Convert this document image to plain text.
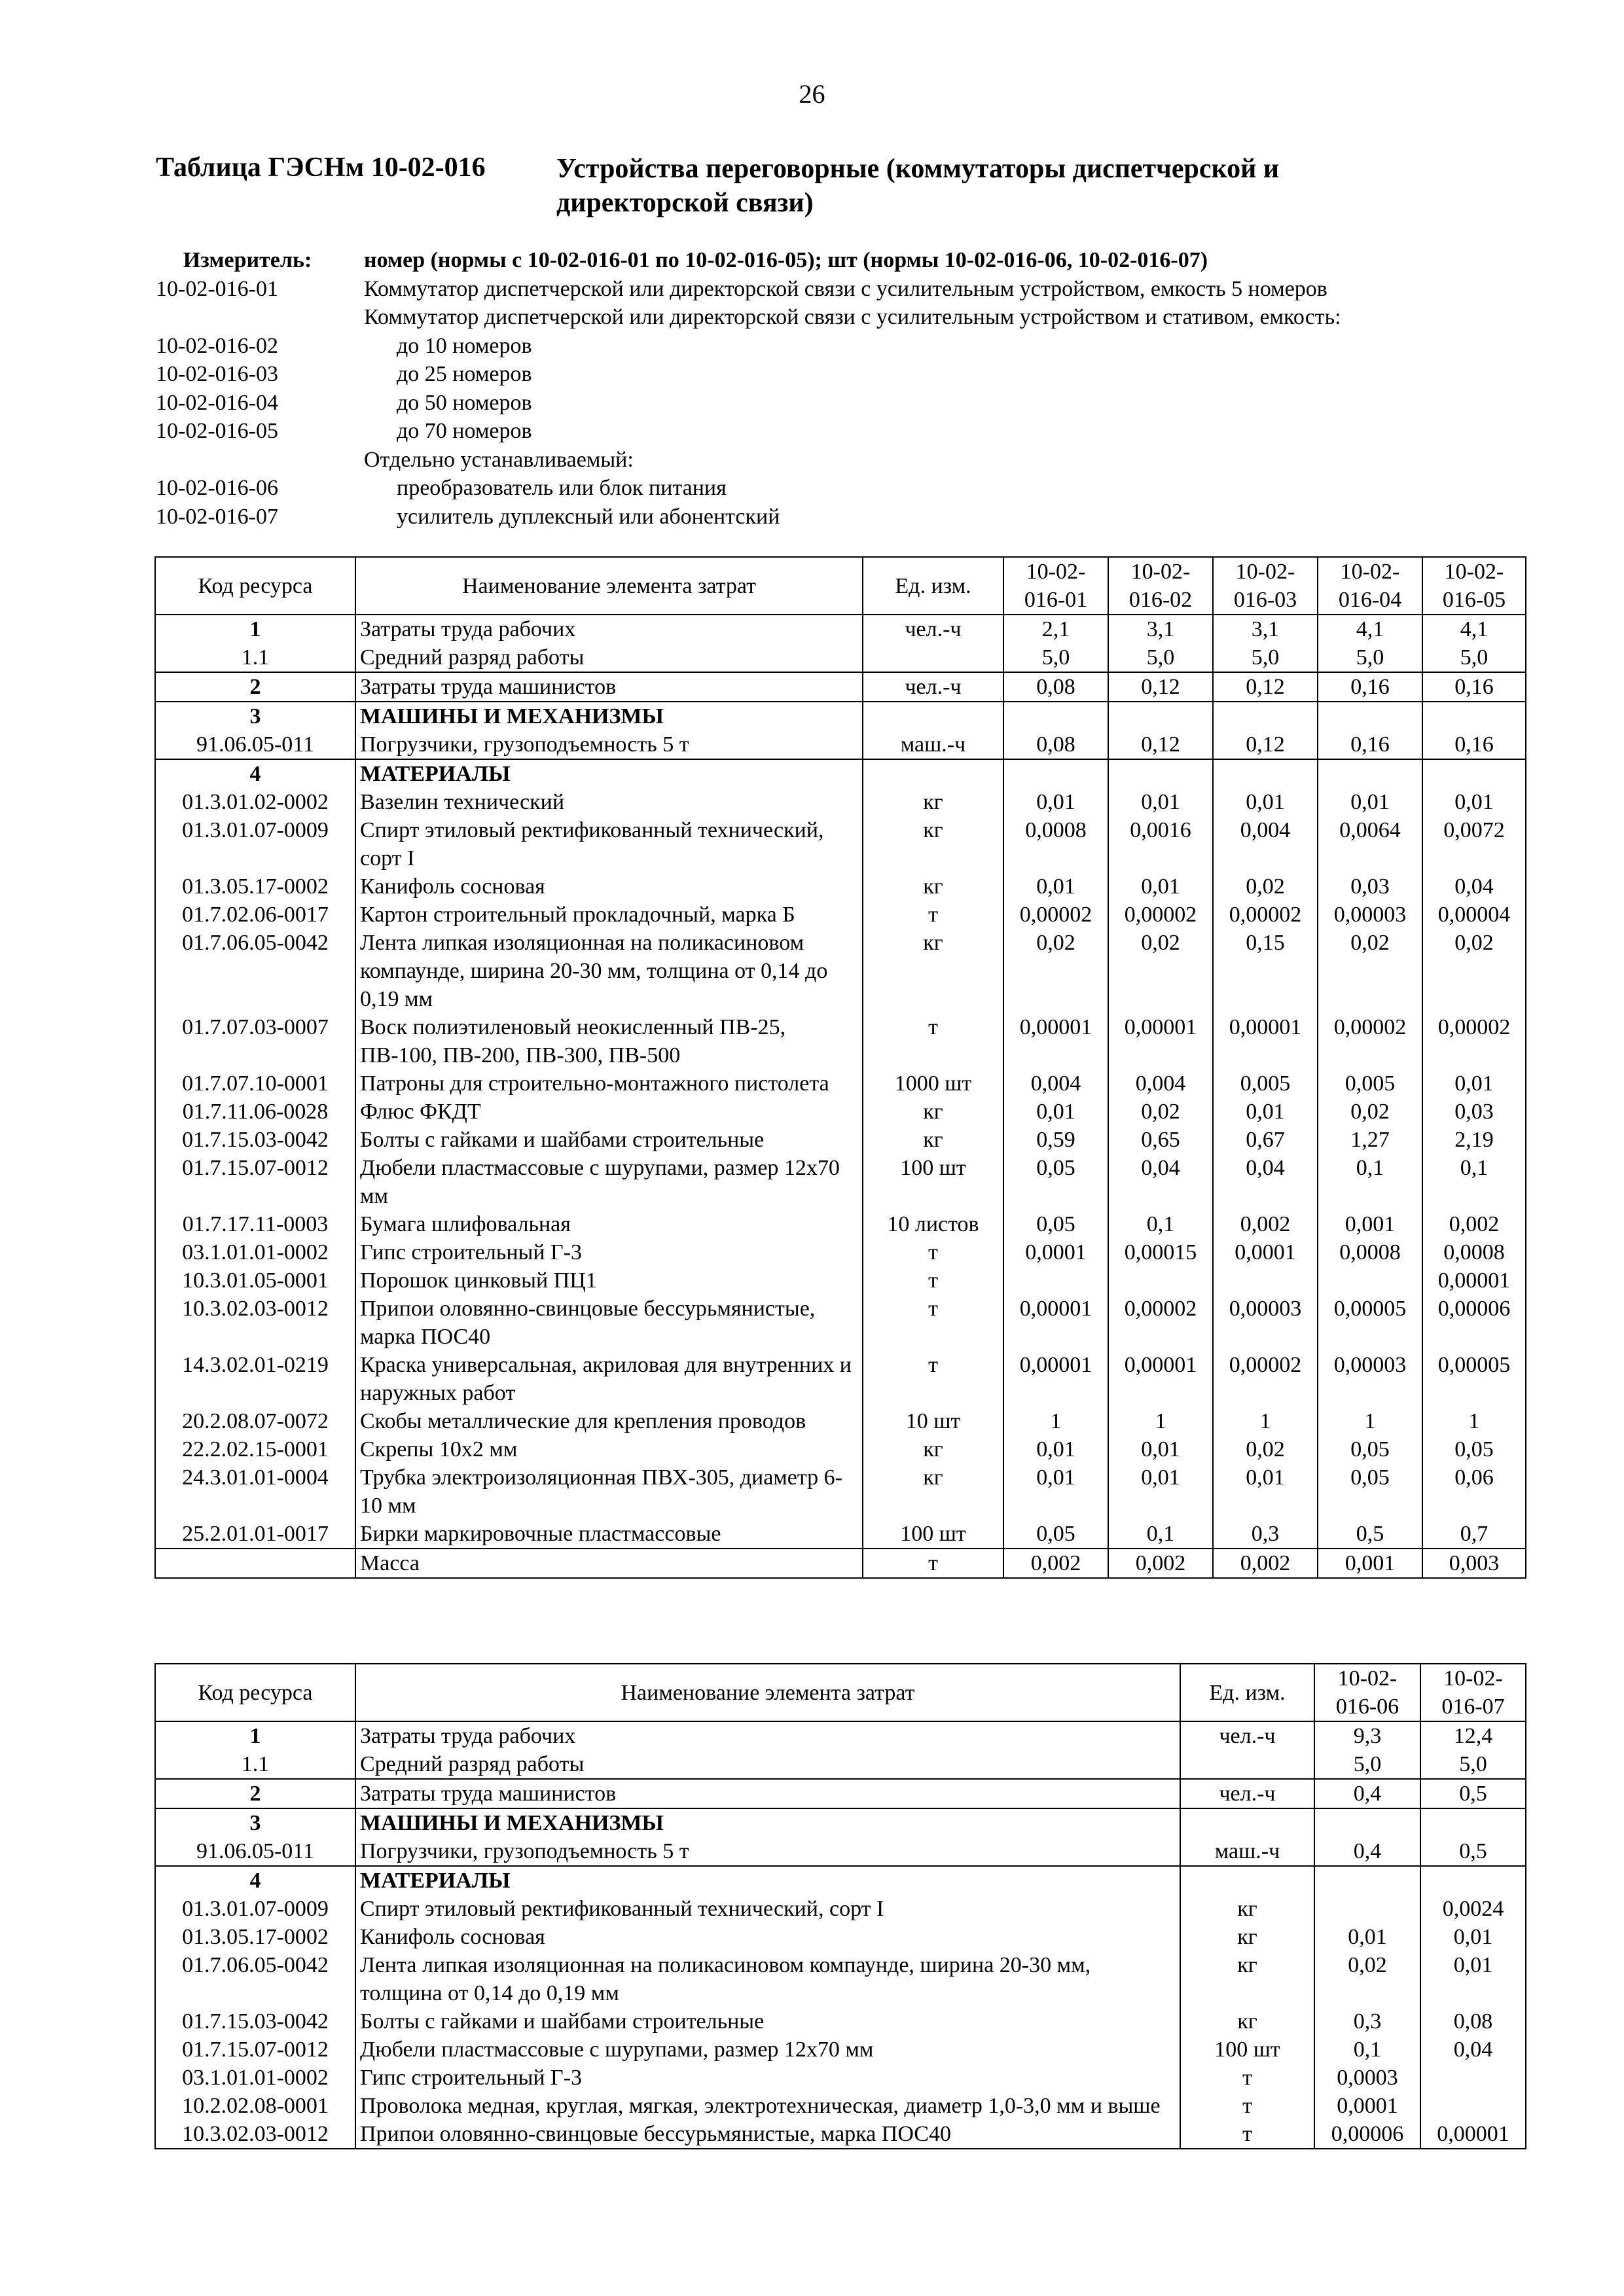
26
Таблица ГЭСНм 10-02-016	Устройства переговорные (коммутаторы диспетчерской и директорской связи)
Измеритель:	номер (нормы с 10-02-016-01 по 10-02-016-05); шт (нормы 10-02-016-06, 10-02-016-07)
10-02-016-01	Коммутатор диспетчерской или директорской связи с усилительным устройством, емкость 5 номеров
Коммутатор диспетчерской или директорской связи с усилительным устройством и стативом, емкость:
10-02-016-02	до 10 номеров
10-02-016-03	до 25 номеров
10-02-016-04	до 50 номеров
10-02-016-05	до 70 номеров
Отдельно устанавливаемый:
10-02-016-06	преобразователь или блок питания
10-02-016-07	усилитель дуплексный или абонентский
Код ресурса	Наименование элемента затрат	Ед. изм.	10-02-016-01	10-02-016-02	10-02-016-03	10-02-016-04	10-02-016-05
1	Затраты труда рабочих	чел.-ч	2,1	3,1	3,1	4,1	4,1
1.1	Средний разряд работы		5,0	5,0	5,0	5,0	5,0
2	Затраты труда машинистов	чел.-ч	0,08	0,12	0,12	0,16	0,16
3	МАШИНЫ И МЕХАНИЗМЫ						
91.06.05-011	Погрузчики, грузоподъемность 5 т	маш.-ч	0,08	0,12	0,12	0,16	0,16
4	МАТЕРИАЛЫ						
01.3.01.02-0002	Вазелин технический	кг	0,01	0,01	0,01	0,01	0,01
01.3.01.07-0009	Спирт этиловый ректификованный технический, сорт I	кг	0,0008	0,0016	0,004	0,0064	0,0072
01.3.05.17-0002	Канифоль сосновая	кг	0,01	0,01	0,02	0,03	0,04
01.7.02.06-0017	Картон строительный прокладочный, марка Б	т	0,00002	0,00002	0,00002	0,00003	0,00004
01.7.06.05-0042	Лента липкая изоляционная на поликасиновом компаунде, ширина 20-30 мм, толщина от 0,14 до 0,19 мм	кг	0,02	0,02	0,15	0,02	0,02
01.7.07.03-0007	Воск полиэтиленовый неокисленный ПВ-25, ПВ-100, ПВ-200, ПВ-300, ПВ-500	т	0,00001	0,00001	0,00001	0,00002	0,00002
01.7.07.10-0001	Патроны для строительно-монтажного пистолета	1000 шт	0,004	0,004	0,005	0,005	0,01
01.7.11.06-0028	Флюс ФКДТ	кг	0,01	0,02	0,01	0,02	0,03
01.7.15.03-0042	Болты с гайками и шайбами строительные	кг	0,59	0,65	0,67	1,27	2,19
01.7.15.07-0012	Дюбели пластмассовые с шурупами, размер 12х70 мм	100 шт	0,05	0,04	0,04	0,1	0,1
01.7.17.11-0003	Бумага шлифовальная	10 листов	0,05	0,1	0,002	0,001	0,002
03.1.01.01-0002	Гипс строительный Г-3	т	0,0001	0,00015	0,0001	0,0008	0,0008
10.3.01.05-0001	Порошок цинковый ПЦ1	т					0,00001
10.3.02.03-0012	Припои оловянно-свинцовые бессурьмянистые, марка ПОС40	т	0,00001	0,00002	0,00003	0,00005	0,00006
14.3.02.01-0219	Краска универсальная, акриловая для внутренних и наружных работ	т	0,00001	0,00001	0,00002	0,00003	0,00005
20.2.08.07-0072	Скобы металлические для крепления проводов	10 шт	1	1	1	1	1
22.2.02.15-0001	Скрепы 10х2 мм	кг	0,01	0,01	0,02	0,05	0,05
24.3.01.01-0004	Трубка электроизоляционная ПВХ-305, диаметр 6-10 мм	кг	0,01	0,01	0,01	0,05	0,06
25.2.01.01-0017	Бирки маркировочные пластмассовые	100 шт	0,05	0,1	0,3	0,5	0,7
	Масса	т	0,002	0,002	0,002	0,001	0,003
Код ресурса	Наименование элемента затрат	Ед. изм.	10-02-016-06	10-02-016-07
1	Затраты труда рабочих	чел.-ч	9,3	12,4
1.1	Средний разряд работы		5,0	5,0
2	Затраты труда машинистов	чел.-ч	0,4	0,5
3	МАШИНЫ И МЕХАНИЗМЫ			
91.06.05-011	Погрузчики, грузоподъемность 5 т	маш.-ч	0,4	0,5
4	МАТЕРИАЛЫ			
01.3.01.07-0009	Спирт этиловый ректификованный технический, сорт I	кг		0,0024
01.3.05.17-0002	Канифоль сосновая	кг	0,01	0,01
01.7.06.05-0042	Лента липкая изоляционная на поликасиновом компаунде, ширина 20-30 мм, толщина от 0,14 до 0,19 мм	кг	0,02	0,01
01.7.15.03-0042	Болты с гайками и шайбами строительные	кг	0,3	0,08
01.7.15.07-0012	Дюбели пластмассовые с шурупами, размер 12х70 мм	100 шт	0,1	0,04
03.1.01.01-0002	Гипс строительный Г-3	т	0,0003	
10.2.02.08-0001	Проволока медная, круглая, мягкая, электротехническая, диаметр 1,0-3,0 мм и выше	т	0,0001	
10.3.02.03-0012	Припои оловянно-свинцовые бессурьмянистые, марка ПОС40	т	0,00006	0,00001
